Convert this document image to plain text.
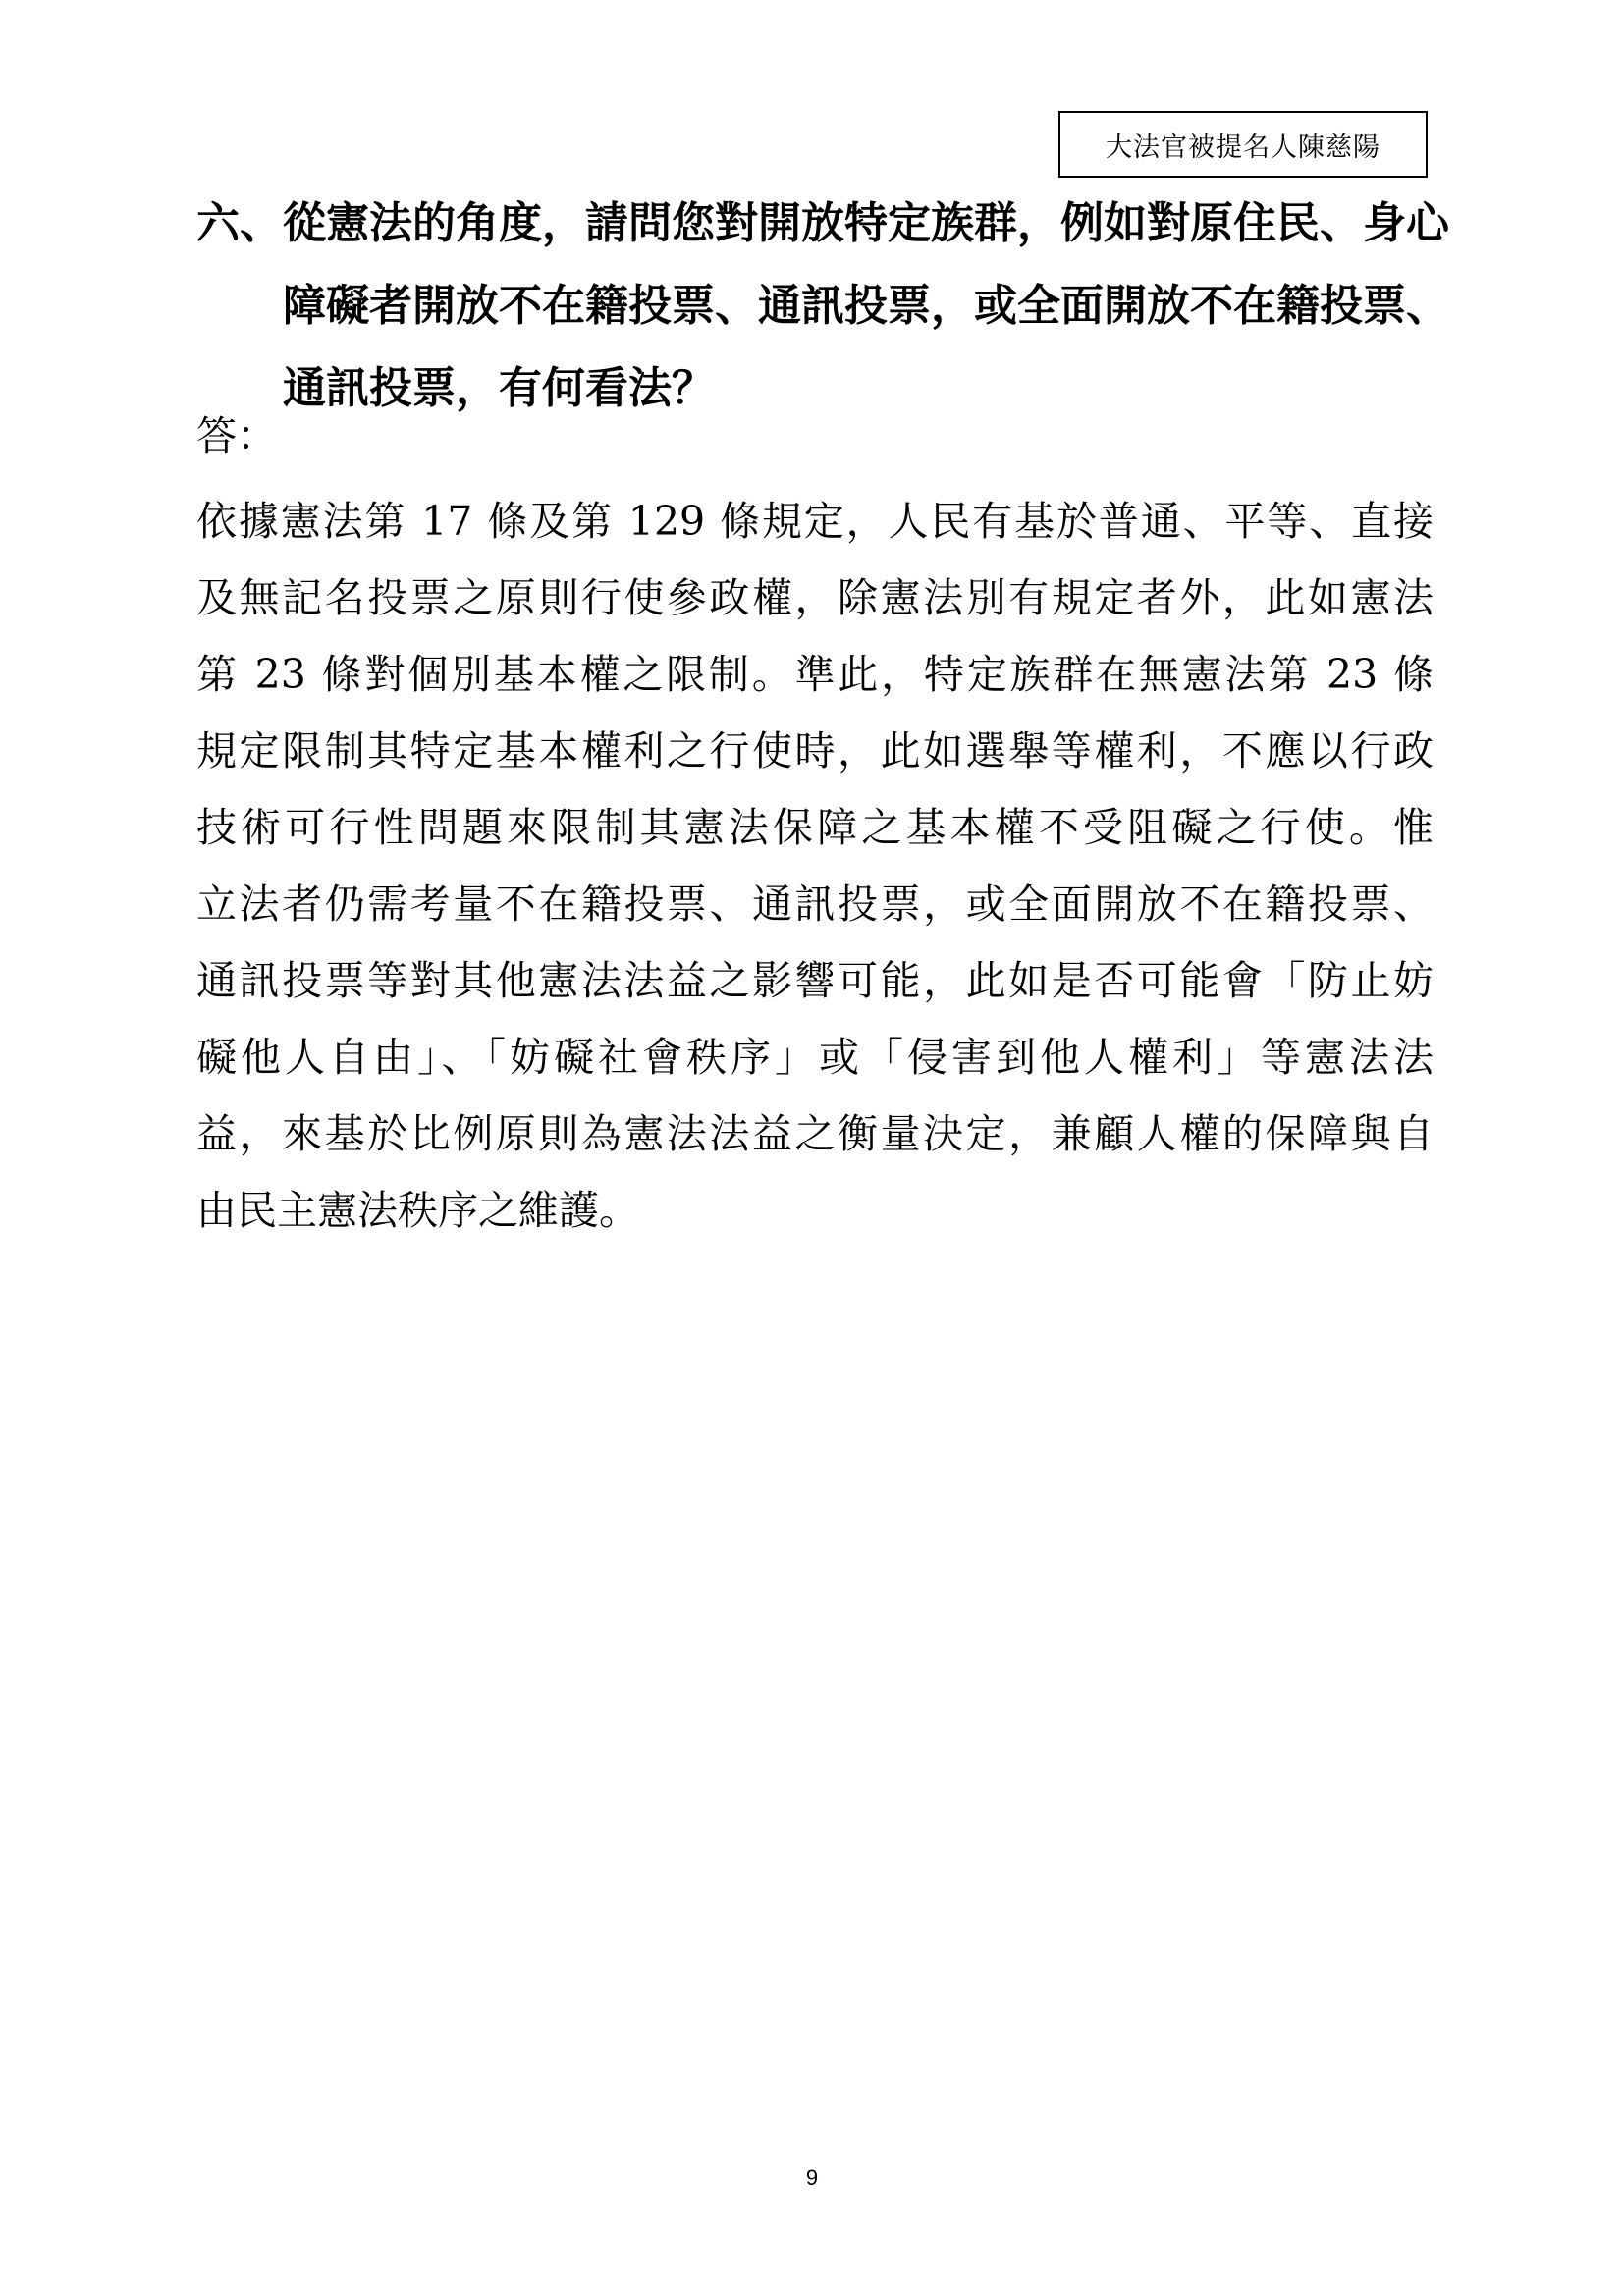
大法官被提名人陳慈陽
六、從憲法的角度，請問您對開放特定族群，例如對原住民、身心
障礙者開放不在籍投票、通訊投票，或全面開放不在籍投票、
通訊投票，有何看法？
答：
依據憲法第 17 條及第 129 條規定，人民有基於普通、平等、直接
及無記名投票之原則行使參政權，除憲法別有規定者外，此如憲法
第 23 條對個別基本權之限制。準此，特定族群在無憲法第 23 條
規定限制其特定基本權利之行使時，此如選舉等權利，不應以行政
技術可行性問題來限制其憲法保障之基本權不受阻礙之行使。惟
立法者仍需考量不在籍投票、通訊投票，或全面開放不在籍投票、
通訊投票等對其他憲法法益之影響可能，此如是否可能會「防止妨
礙他人自由」、「妨礙社會秩序」或「侵害到他人權利」等憲法法
益，來基於比例原則為憲法法益之衡量決定，兼顧人權的保障與自
由民主憲法秩序之維護。
9
